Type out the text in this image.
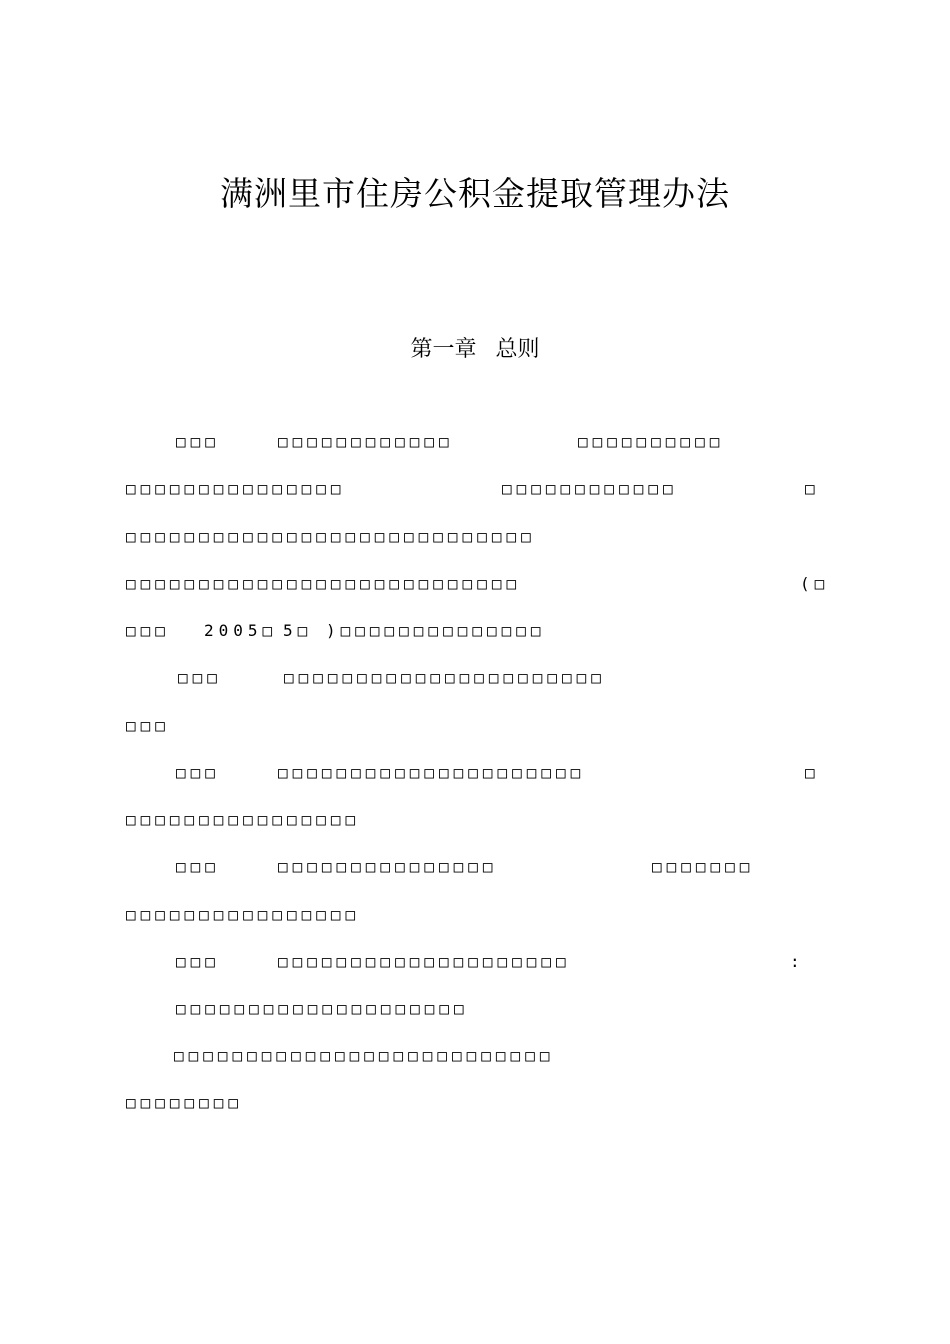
满洲里市住房公积金提取管理办法
第一章 总则
□□□	□□□□□□□□□□□□	□□□□□□□□□□
□□□□□□□□□□□□□□□	□□□□□□□□□□□□	□
□□□□□□□□□□□□□□□□□□□□□□□□□□□□
□□□□□□□□□□□□□□□□□□□□□□□□□□□	(□
□□□ 2005□ 5□ )□□□□□□□□□□□□□□
□□□	□□□□□□□□□□□□□□□□□□□□□□
□□□
□□□	□□□□□□□□□□□□□□□□□□□□□	□
□□□□□□□□□□□□□□□□
□□□	□□□□□□□□□□□□□□□	□□□□□□□
□□□□□□□□□□□□□□□□
□□□	□□□□□□□□□□□□□□□□□□□□	:
□□□□□□□□□□□□□□□□□□□□
□□□□□□□□□□□□□□□□□□□□□□□□□□
□□□□□□□□
